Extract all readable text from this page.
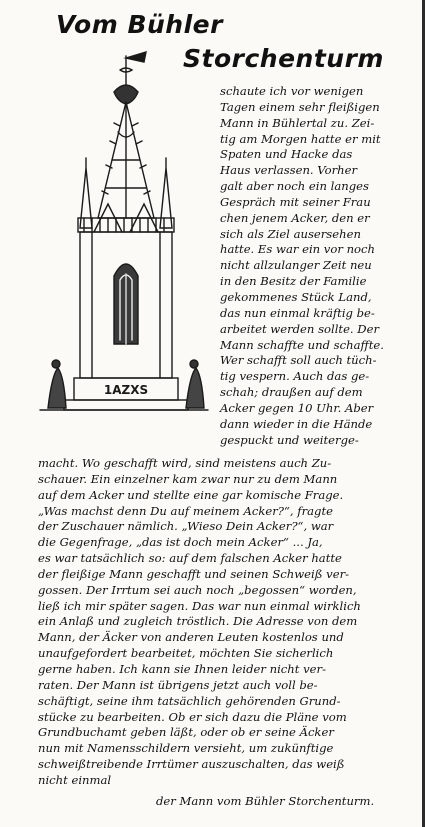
Vom Bühler
Storchenturm
1AZXS
schaute ich vor wenigen
Tagen einem sehr fleißigen
Mann in Bühlertal zu. Zei-
tig am Morgen hatte er mit
Spaten und Hacke das
Haus verlassen. Vorher
galt aber noch ein langes
Gespräch mit seiner Frau
chen jenem Acker, den er
sich als Ziel ausersehen
hatte. Es war ein vor noch
nicht allzulanger Zeit neu
in den Besitz der Familie
gekommenes Stück Land,
das nun einmal kräftig be-
arbeitet werden sollte. Der
Mann schaffte und schaffte.
Wer schafft soll auch tüch-
tig vespern. Auch das ge-
schah; draußen auf dem
Acker gegen 10 Uhr. Aber
dann wieder in die Hände
gespuckt und weiterge-
macht. Wo geschafft wird, sind meistens auch Zu-
schauer. Ein einzelner kam zwar nur zu dem Mann
auf dem Acker und stellte eine gar komische Frage.
„Was machst denn Du auf meinem Acker?“, fragte
der Zuschauer nämlich. „Wieso Dein Acker?“, war
die Gegenfrage, „das ist doch mein Acker“ ... Ja,
es war tatsächlich so: auf dem falschen Acker hatte
der fleißige Mann geschafft und seinen Schweiß ver-
gossen. Der Irrtum sei auch noch „begossen“ worden,
ließ ich mir später sagen. Das war nun einmal wirklich
ein Anlaß und zugleich tröstlich. Die Adresse von dem
Mann, der Äcker von anderen Leuten kostenlos und
unaufgefordert bearbeitet, möchten Sie sicherlich
gerne haben. Ich kann sie Ihnen leider nicht ver-
raten. Der Mann ist übrigens jetzt auch voll be-
schäftigt, seine ihm tatsächlich gehörenden Grund-
stücke zu bearbeiten. Ob er sich dazu die Pläne vom
Grundbuchamt geben läßt, oder ob er seine Äcker
nun mit Namensschildern versieht, um zukünftige
schweißtreibende Irrtümer auszuschalten, das weiß
nicht einmal
der Mann vom Bühler Storchenturm.
